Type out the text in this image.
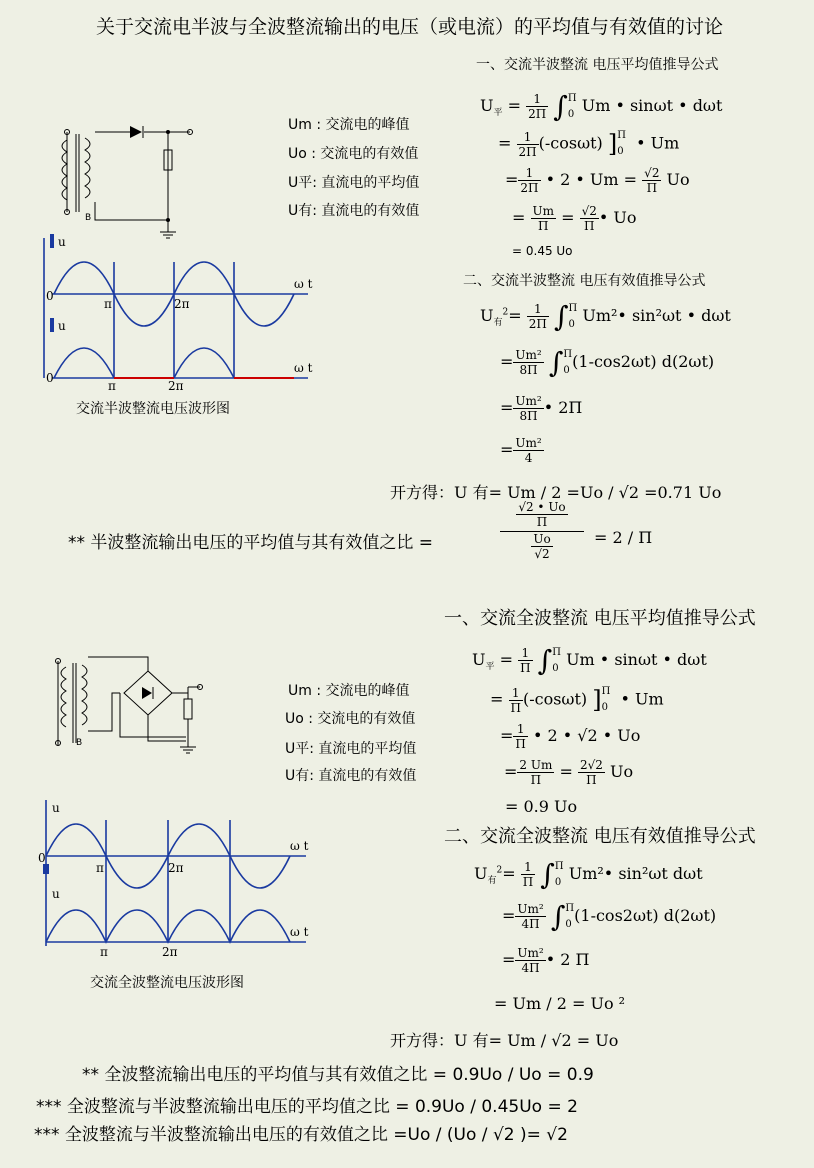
关于交流电半波与全波整流输出的电压（或电流）的平均值与有效值的讨论
B
Um : 交流电的峰值
Uo : 交流电的有效值
U平: 直流电的平均值
U有: 直流电的有效值
u
u
ω t
ω t
π	2π
π	2π
0
0
交流半波整流电压波形图
一、交流半波整流 电压平均值推导公式
$U_平 = \frac{1}{2\Pi} \int\Pi$
0 Um • sinωt • dωt
= $\frac{1}{2\Pi} (-\cos\omega t)$ ]Π
0 • Um
= $\frac{1}{2\Pi}$ • 2 • $Um = \frac{√2}{\Pi}$ Uo
= $\frac{Um}{\Pi} = \frac{√2}{\Pi}$ • Uo
= 0.45 Uo
二、交流半波整流 电压有效值推导公式
$U_有^2= \frac{1}{2\Pi} \int\Pi$
0 Um²• sin²ωt • dωt
= $\frac{\text{Um²}}{8\Pi} \int\Pi$
0 (1-cos2ωt) d(2ωt)
= $\frac{\text{Um²}}{8\Pi}$ • 2Π
= $\frac{\text{Um²}}{4}$
开方得：U 有= Um / 2 =Uo / √2 =0.71 Uo
** 半波整流输出电压的平均值与其有效值之比 =
$\frac{√2 • Uo}{\Pi}$
$\frac{Uo}{√2}$	= 2 / Π
一、交流全波整流 电压平均值推导公式
B
Um : 交流电的峰值
Uo : 交流电的有效值
U平: 直流电的平均值
U有: 直流电的有效值
u
u
ω t
ω t
π	2π
π	2π
0
交流全波整流电压波形图
$U_平 = \frac{1}{\Pi} \int\Pi$
0 Um • sinωt • dωt
= $\frac{1}{\Pi} (-\cos\omega t)$ ]Π
0 • Um
= $\frac{1}{\Pi}$ • 2 • √2 • Uo
= $\frac{2 Um}{\Pi} = \frac{2√2}{\Pi}$ Uo
= 0.9 Uo
二、交流全波整流 电压有效值推导公式
$U_有^2= \frac{1}{\Pi} \int\Pi$
0 Um²• sin²ωt dωt
= $\frac{\text{Um²}}{4\Pi} \int\Pi$
0 (1-cos2ωt) d(2ωt)
= $\frac{\text{Um²}}{4\Pi}$ • 2 Π
= Um / 2 = Uo ²
开方得：U 有= Um / √2 = Uo
** 全波整流输出电压的平均值与其有效值之比 = 0.9Uo / Uo = 0.9
*** 全波整流与半波整流输出电压的平均值之比 = 0.9Uo / 0.45Uo = 2
*** 全波整流与半波整流输出电压的有效值之比 =Uo / (Uo / √2 )= √2
